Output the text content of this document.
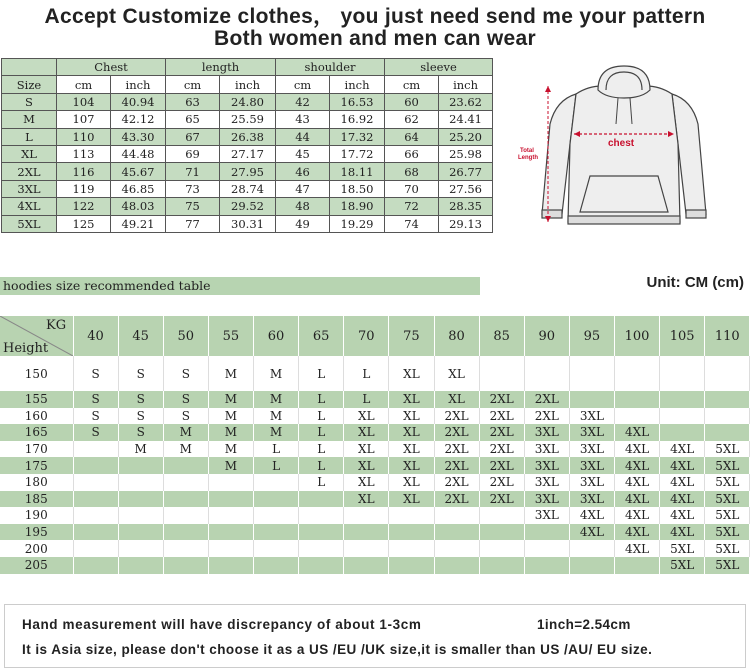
Accept Customize clothes， you just need send me your pattern
Both women and men can wear
	Chest		length		shoulder		sleeve	
Size	cm	inch	cm	inch	cm	inch	cm	inch
S	104	40.94	63	24.80	42	16.53	60	23.62
M	107	42.12	65	25.59	43	16.92	62	24.41
L	110	43.30	67	26.38	44	17.32	64	25.20
XL	113	44.48	69	27.17	45	17.72	66	25.98
2XL	116	45.67	71	27.95	46	18.11	68	26.77
3XL	119	46.85	73	28.74	47	18.50	70	27.56
4XL	122	48.03	75	29.52	48	18.90	72	28.35
5XL	125	49.21	77	30.31	49	19.29	74	29.13
chest
Total
Length
hoodies size recommended table	Unit: CM (cm)
KG
Height	40	45	50	55	60	65	70	75	80	85	90	95	100	105	110
150	S	S	S	M	M	L	L	XL	XL						
155	S	S	S	M	M	L	L	XL	XL	2XL	2XL				
160	S	S	S	M	M	L	XL	XL	2XL	2XL	2XL	3XL			
165	S	S	M	M	M	L	XL	XL	2XL	2XL	3XL	3XL	4XL		
170		M	M	M	L	L	XL	XL	2XL	2XL	3XL	3XL	4XL	4XL	5XL
175				M	L	L	XL	XL	2XL	2XL	3XL	3XL	4XL	4XL	5XL
180						L	XL	XL	2XL	2XL	3XL	3XL	4XL	4XL	5XL
185							XL	XL	2XL	2XL	3XL	3XL	4XL	4XL	5XL
190											3XL	4XL	4XL	4XL	5XL
195												4XL	4XL	4XL	5XL
200													4XL	5XL	5XL
205														5XL	5XL
Hand measurement will have discrepancy of about 1-3cm	1inch=2.54cm
It is Asia size, please don't choose it as a US /EU /UK size,it is smaller than US /AU/ EU size.
